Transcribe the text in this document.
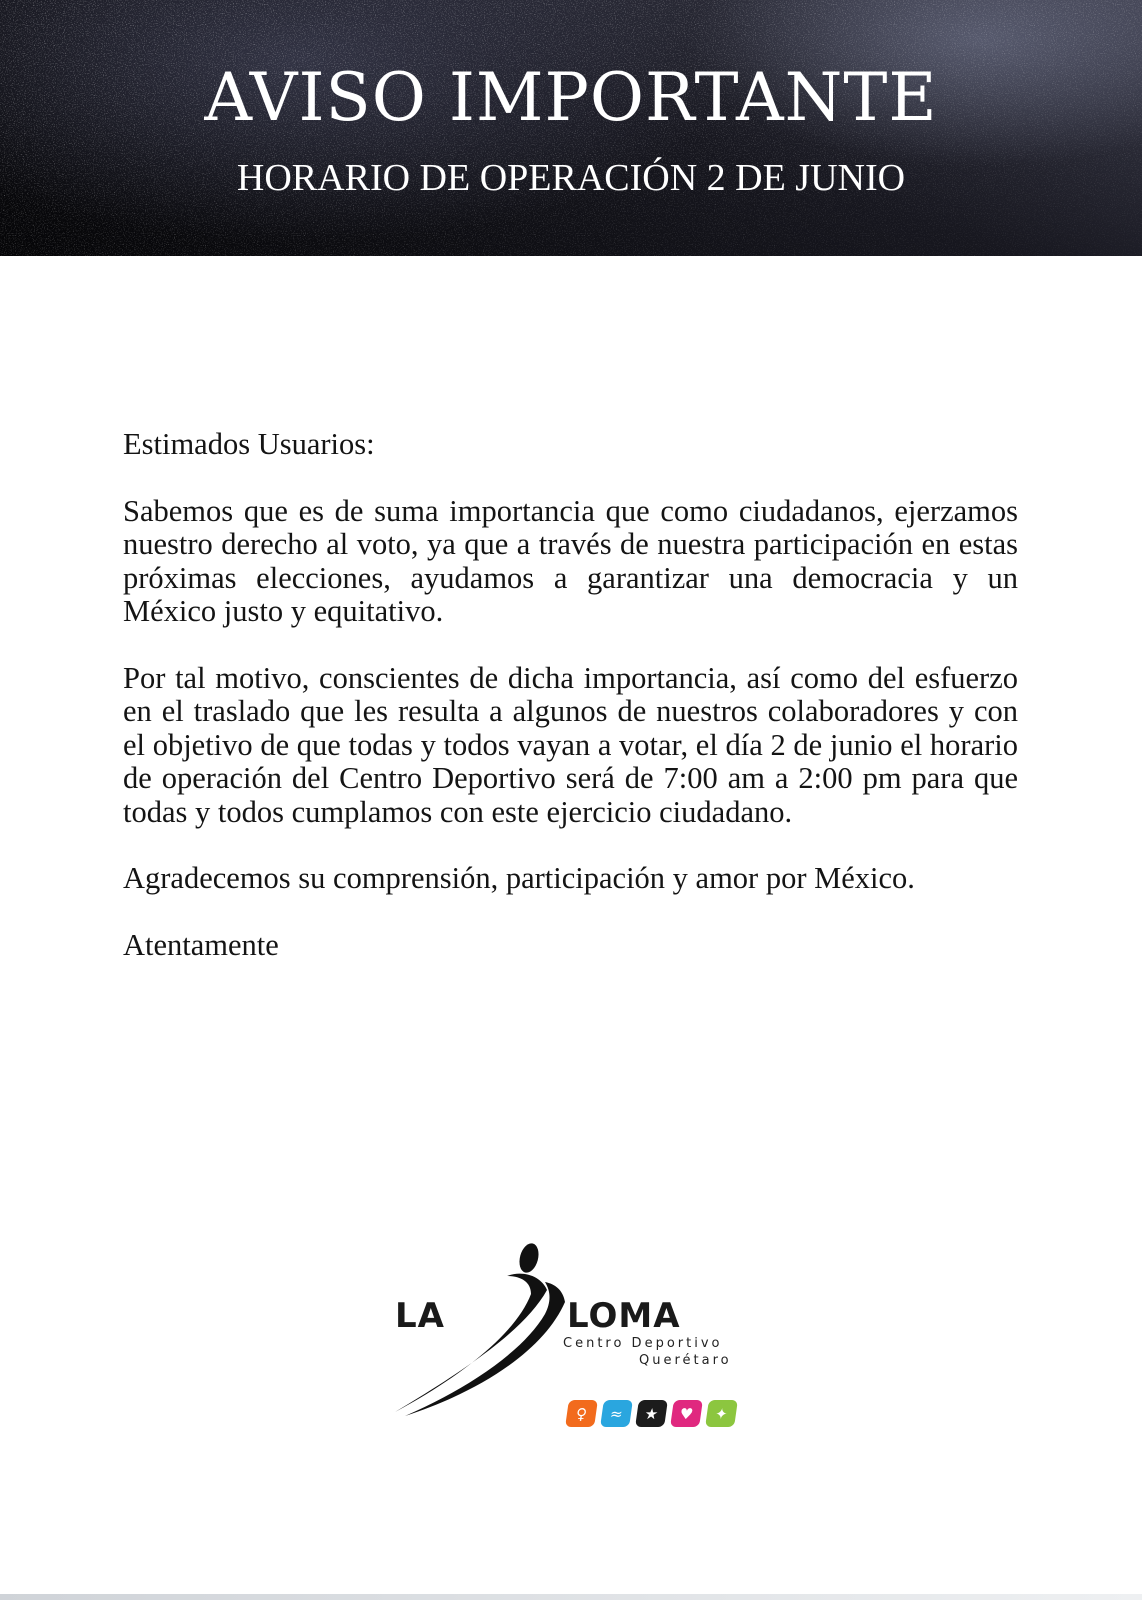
AVISO IMPORTANTE
HORARIO DE OPERACIÓN 2 DE JUNIO

Estimados Usuarios:

Sabemos que es de suma importancia que como ciudadanos, ejerzamos nuestro derecho al voto, ya que a través de nuestra participación en estas próximas elecciones, ayudamos a garantizar una democracia y un México justo y equitativo.

Por tal motivo, conscientes de dicha importancia, así como del esfuerzo en el traslado que les resulta a algunos de nuestros colaboradores y con el objetivo de que todas y todos vayan a votar, el día 2 de junio el horario de operación del Centro Deportivo será de 7:00 am a 2:00 pm para que todas y todos cumplamos con este ejercicio ciudadano.

Agradecemos su comprensión, participación y amor por México.

Atentamente

LA	LOMA
Centro Deportivo
Querétaro
♀	≈	★	♥	✦
